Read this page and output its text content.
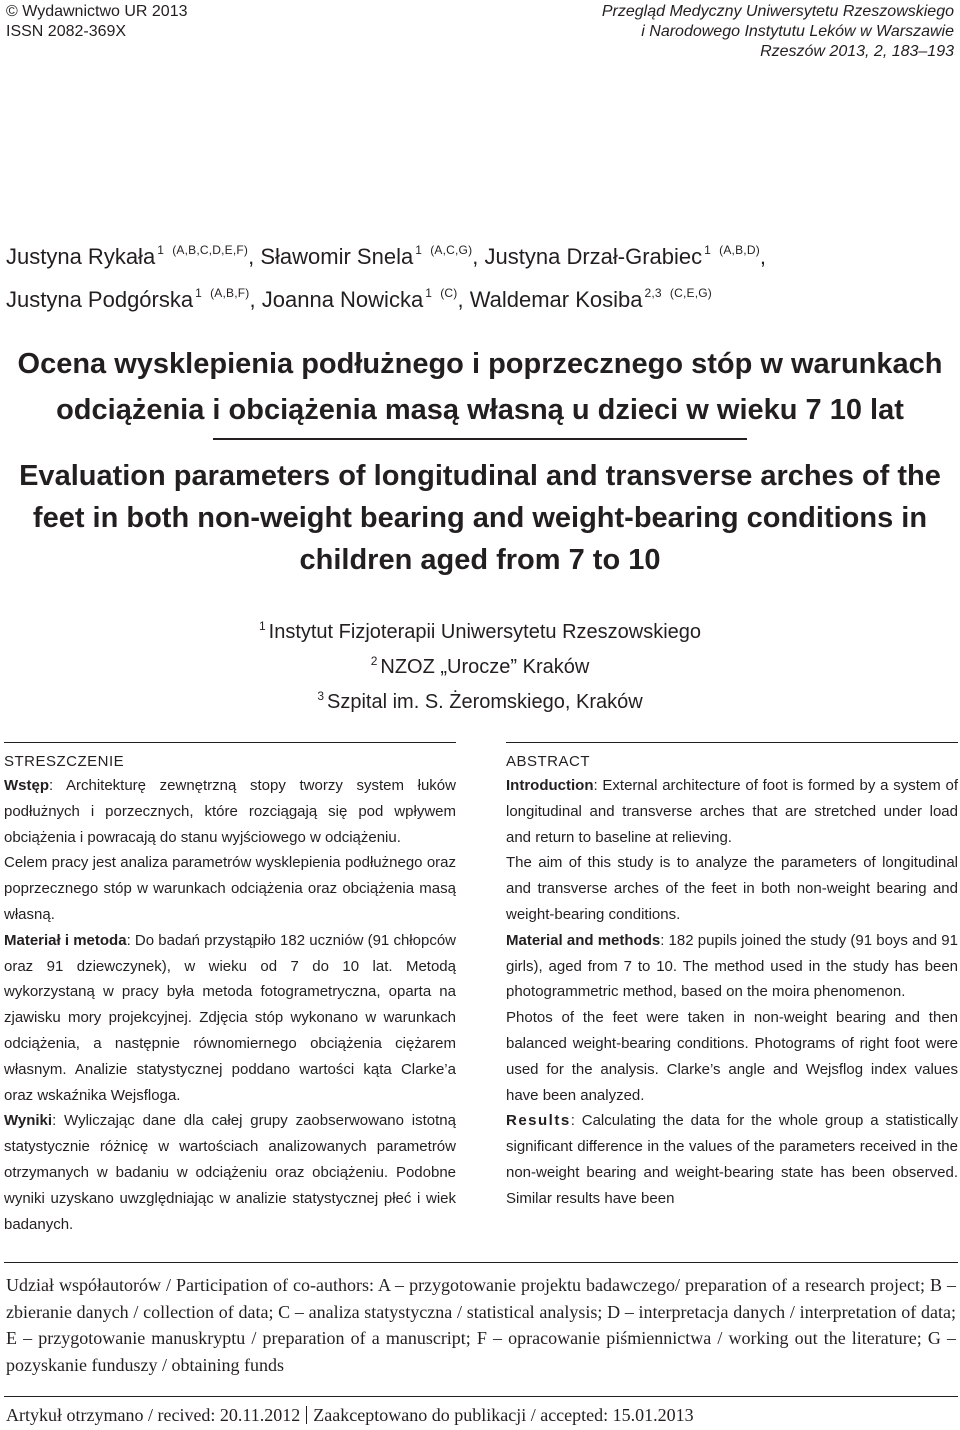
© Wydawnictwo UR 2013
ISSN 2082-369X
Przegląd Medyczny Uniwersytetu Rzeszowskiego
i Narodowego Instytutu Leków w Warszawie
Rzeszów 2013, 2, 183–193
Justyna Rykała $^1$ $^{(A,B,C,D,E,F)}$, Sławomir Snela $^1$ $^{(A,C,G)}$, Justyna Drzał-Grabiec $^1$ $^{(A,B,D)}$,
Justyna Podgórska $^1$ $^{(A,B,F)}$, Joanna Nowicka $^1$ $^{(C)}$, Waldemar Kosiba $^{2,3}$ $^{(C,E,G)}$
Ocena wysklepienia podłużnego i poprzecznego stóp w warunkach
odciążenia i obciążenia masą własną u dzieci w wieku 7 10 lat
Evaluation parameters of longitudinal and transverse arches of the
feet in both non-weight bearing and weight-bearing conditions in
children aged from 7 to 10
$^1$ Instytut Fizjoterapii Uniwersytetu Rzeszowskiego
$^2$ NZOZ „Urocze” Kraków
$^3$ Szpital im. S. Żeromskiego, Kraków
STRESZCZENIE

Wstęp: Architekturę zewnętrzną stopy tworzy system łuków podłużnych i porzecznych, które rozciągają się pod wpływem obciążenia i powracają do stanu wyjściowego w odciążeniu.

Celem pracy jest analiza parametrów wysklepienia podłużnego oraz poprzecznego stóp w warunkach odciążenia oraz obciążenia masą własną.

Materiał i metoda: Do badań przystąpiło 182 uczniów (91 chłopców oraz 91 dziewczynek), w wieku od 7 do 10 lat. Metodą wykorzystaną w pracy była metoda fotogrametryczna, oparta na zjawisku mory projekcyjnej. Zdjęcia stóp wykonano w warunkach odciążenia, a następnie równomiernego obciążenia ciężarem własnym. Analizie statystycznej poddano wartości kąta Clarke’a oraz wskaźnika Wejsfloga.

Wyniki: Wyliczając dane dla całej grupy zaobserwowano istotną statystycznie różnicę w wartościach analizowanych parametrów otrzymanych w badaniu w odciążeniu oraz obciążeniu. Podobne wyniki uzyskano uwzględniając w analizie statystycznej płeć i wiek badanych.

ABSTRACT

Introduction: External architecture of foot is formed by a system of longitudinal and transverse arches that are stretched under load and return to baseline at relieving.

The aim of this study is to analyze the parameters of longitudinal and transverse arches of the feet in both non-weight bearing and weight-bearing conditions.

Material and methods: 182 pupils joined the study (91 boys and 91 girls), aged from 7 to 10. The method used in the study has been photogrammetric method, based on the moira phenomenon.

Photos of the feet were taken in non-weight bearing and then balanced weight-bearing conditions. Photograms of right foot were used for the analysis. Clarke’s angle and Wejsflog index values have been analyzed.

Results: Calculating the data for the whole group a statistically significant difference in the values of the parameters received in the non-weight bearing and weight-bearing state has been observed. Similar results have been

Udział współautorów / Participation of co-authors: A – przygotowanie projektu badawczego/ preparation of a research project; B – zbieranie danych / collection of data; C – analiza statystyczna / statistical analysis; D – interpretacja danych / interpretation of data; E – przygotowanie manuskryptu / preparation of a manuscript; F – opracowanie piśmiennictwa / working out the literature; G – pozyskanie funduszy / obtaining funds
Artykuł otrzymano / recived: 20.11.2012 Zaakceptowano do publikacji / accepted: 15.01.2013
